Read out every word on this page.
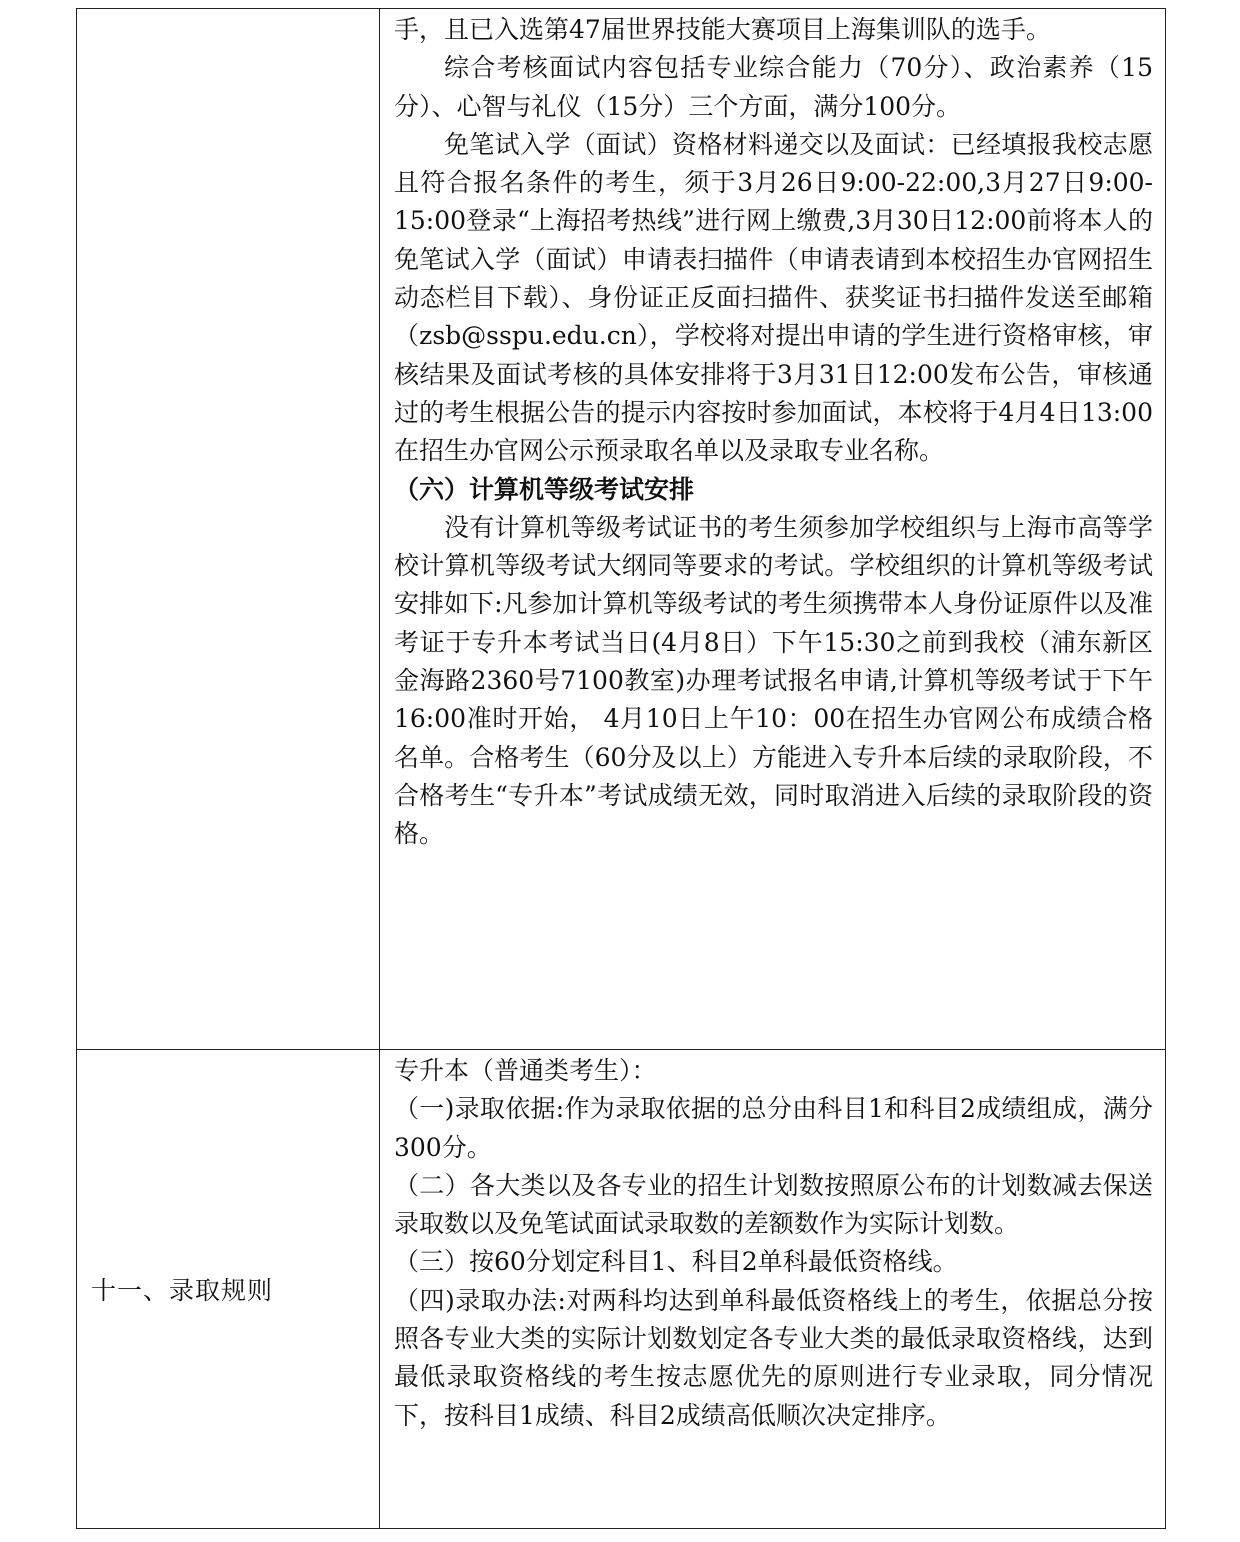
	手，且已入选第47届世界技能大赛项目上海集训队的选手。

综合考核面试内容包括专业综合能力（70分）、政治素养（15分）、心智与礼仪（15分）三个方面，满分100分。

免笔试入学（面试）资格材料递交以及面试：已经填报我校志愿且符合报名条件的考生，须于3月26日9:00-22:00,3月27日9:00-15:00登录“上海招考热线”进行网上缴费,3月30日12:00前将本人的免笔试入学（面试）申请表扫描件（申请表请到本校招生办官网招生动态栏目下载）、身份证正反面扫描件、获奖证书扫描件发送至邮箱（zsb@sspu.edu.cn），学校将对提出申请的学生进行资格审核，审核结果及面试考核的具体安排将于3月31日12:00发布公告，审核通过的考生根据公告的提示内容按时参加面试，本校将于4月4日13:00在招生办官网公示预录取名单以及录取专业名称。

（六）计算机等级考试安排

没有计算机等级考试证书的考生须参加学校组织与上海市高等学校计算机等级考试大纲同等要求的考试。学校组织的计算机等级考试安排如下:凡参加计算机等级考试的考生须携带本人身份证原件以及准考证于专升本考试当日(4月8日）下午15:30之前到我校（浦东新区金海路2360号7100教室)办理考试报名申请,计算机等级考试于下午16:00准时开始， 4月10日上午10：00在招生办官网公布成绩合格名单。合格考生（60分及以上）方能进入专升本后续的录取阶段，不合格考生“专升本”考试成绩无效，同时取消进入后续的录取阶段的资格。

十一、录取规则	专升本（普通类考生）：

（一)录取依据:作为录取依据的总分由科目1和科目2成绩组成，满分300分。

（二）各大类以及各专业的招生计划数按照原公布的计划数减去保送录取数以及免笔试面试录取数的差额数作为实际计划数。

（三）按60分划定科目1、科目2单科最低资格线。

（四)录取办法:对两科均达到单科最低资格线上的考生，依据总分按照各专业大类的实际计划数划定各专业大类的最低录取资格线，达到最低录取资格线的考生按志愿优先的原则进行专业录取，同分情况下，按科目1成绩、科目2成绩高低顺次决定排序。
